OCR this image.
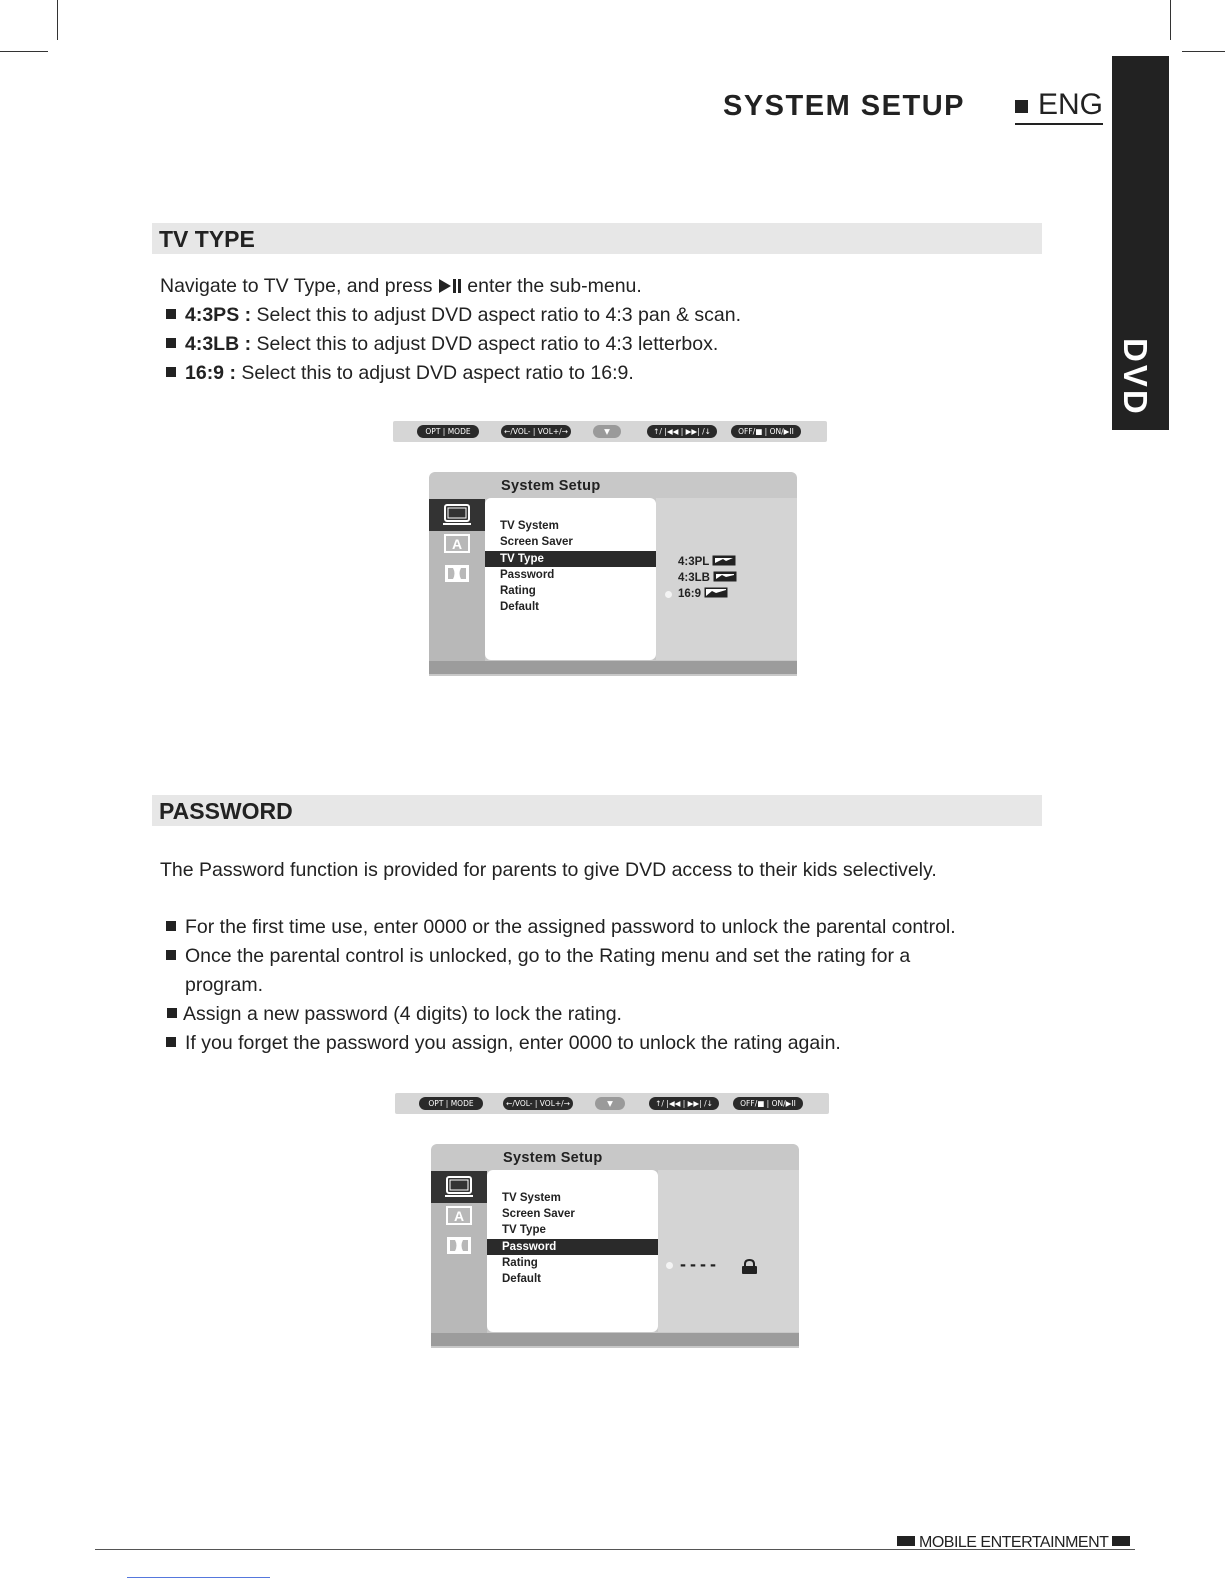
SYSTEM SETUP	ENG
DVD
TV TYPE
Navigate to TV Type, and press enter the sub-menu.
4:3PS : Select this to adjust DVD aspect ratio to 4:3 pan & scan.
4:3LB : Select this to adjust DVD aspect ratio to 4:3 letterbox.
16:9 : Select this to adjust DVD aspect ratio to 16:9.
OPT | MODE	←/VOL- | VOL+/→	▼	↑/ |◀◀ | ▶▶| /↓	OFF/■ | ON/▶II
System Setup
A
TV System
Screen Saver
TV Type
Password
Rating
Default
4:3PL
4:3LB
16:9
PASSWORD
The Password function is provided for parents to give DVD access to their kids selectively.
For the first time use, enter 0000 or the assigned password to unlock the parental control.
Once the parental control is unlocked, go to the Rating menu and set the rating for a
program.
Assign a new password (4 digits) to lock the rating.
If you forget the password you assign, enter 0000 to unlock the rating again.
OPT | MODE	←/VOL- | VOL+/→	▼	↑/ |◀◀ | ▶▶| /↓	OFF/■ | ON/▶II
System Setup
A
TV System
Screen Saver
TV Type
Password
Rating
Default
----
MOBILE ENTERTAINMENT
